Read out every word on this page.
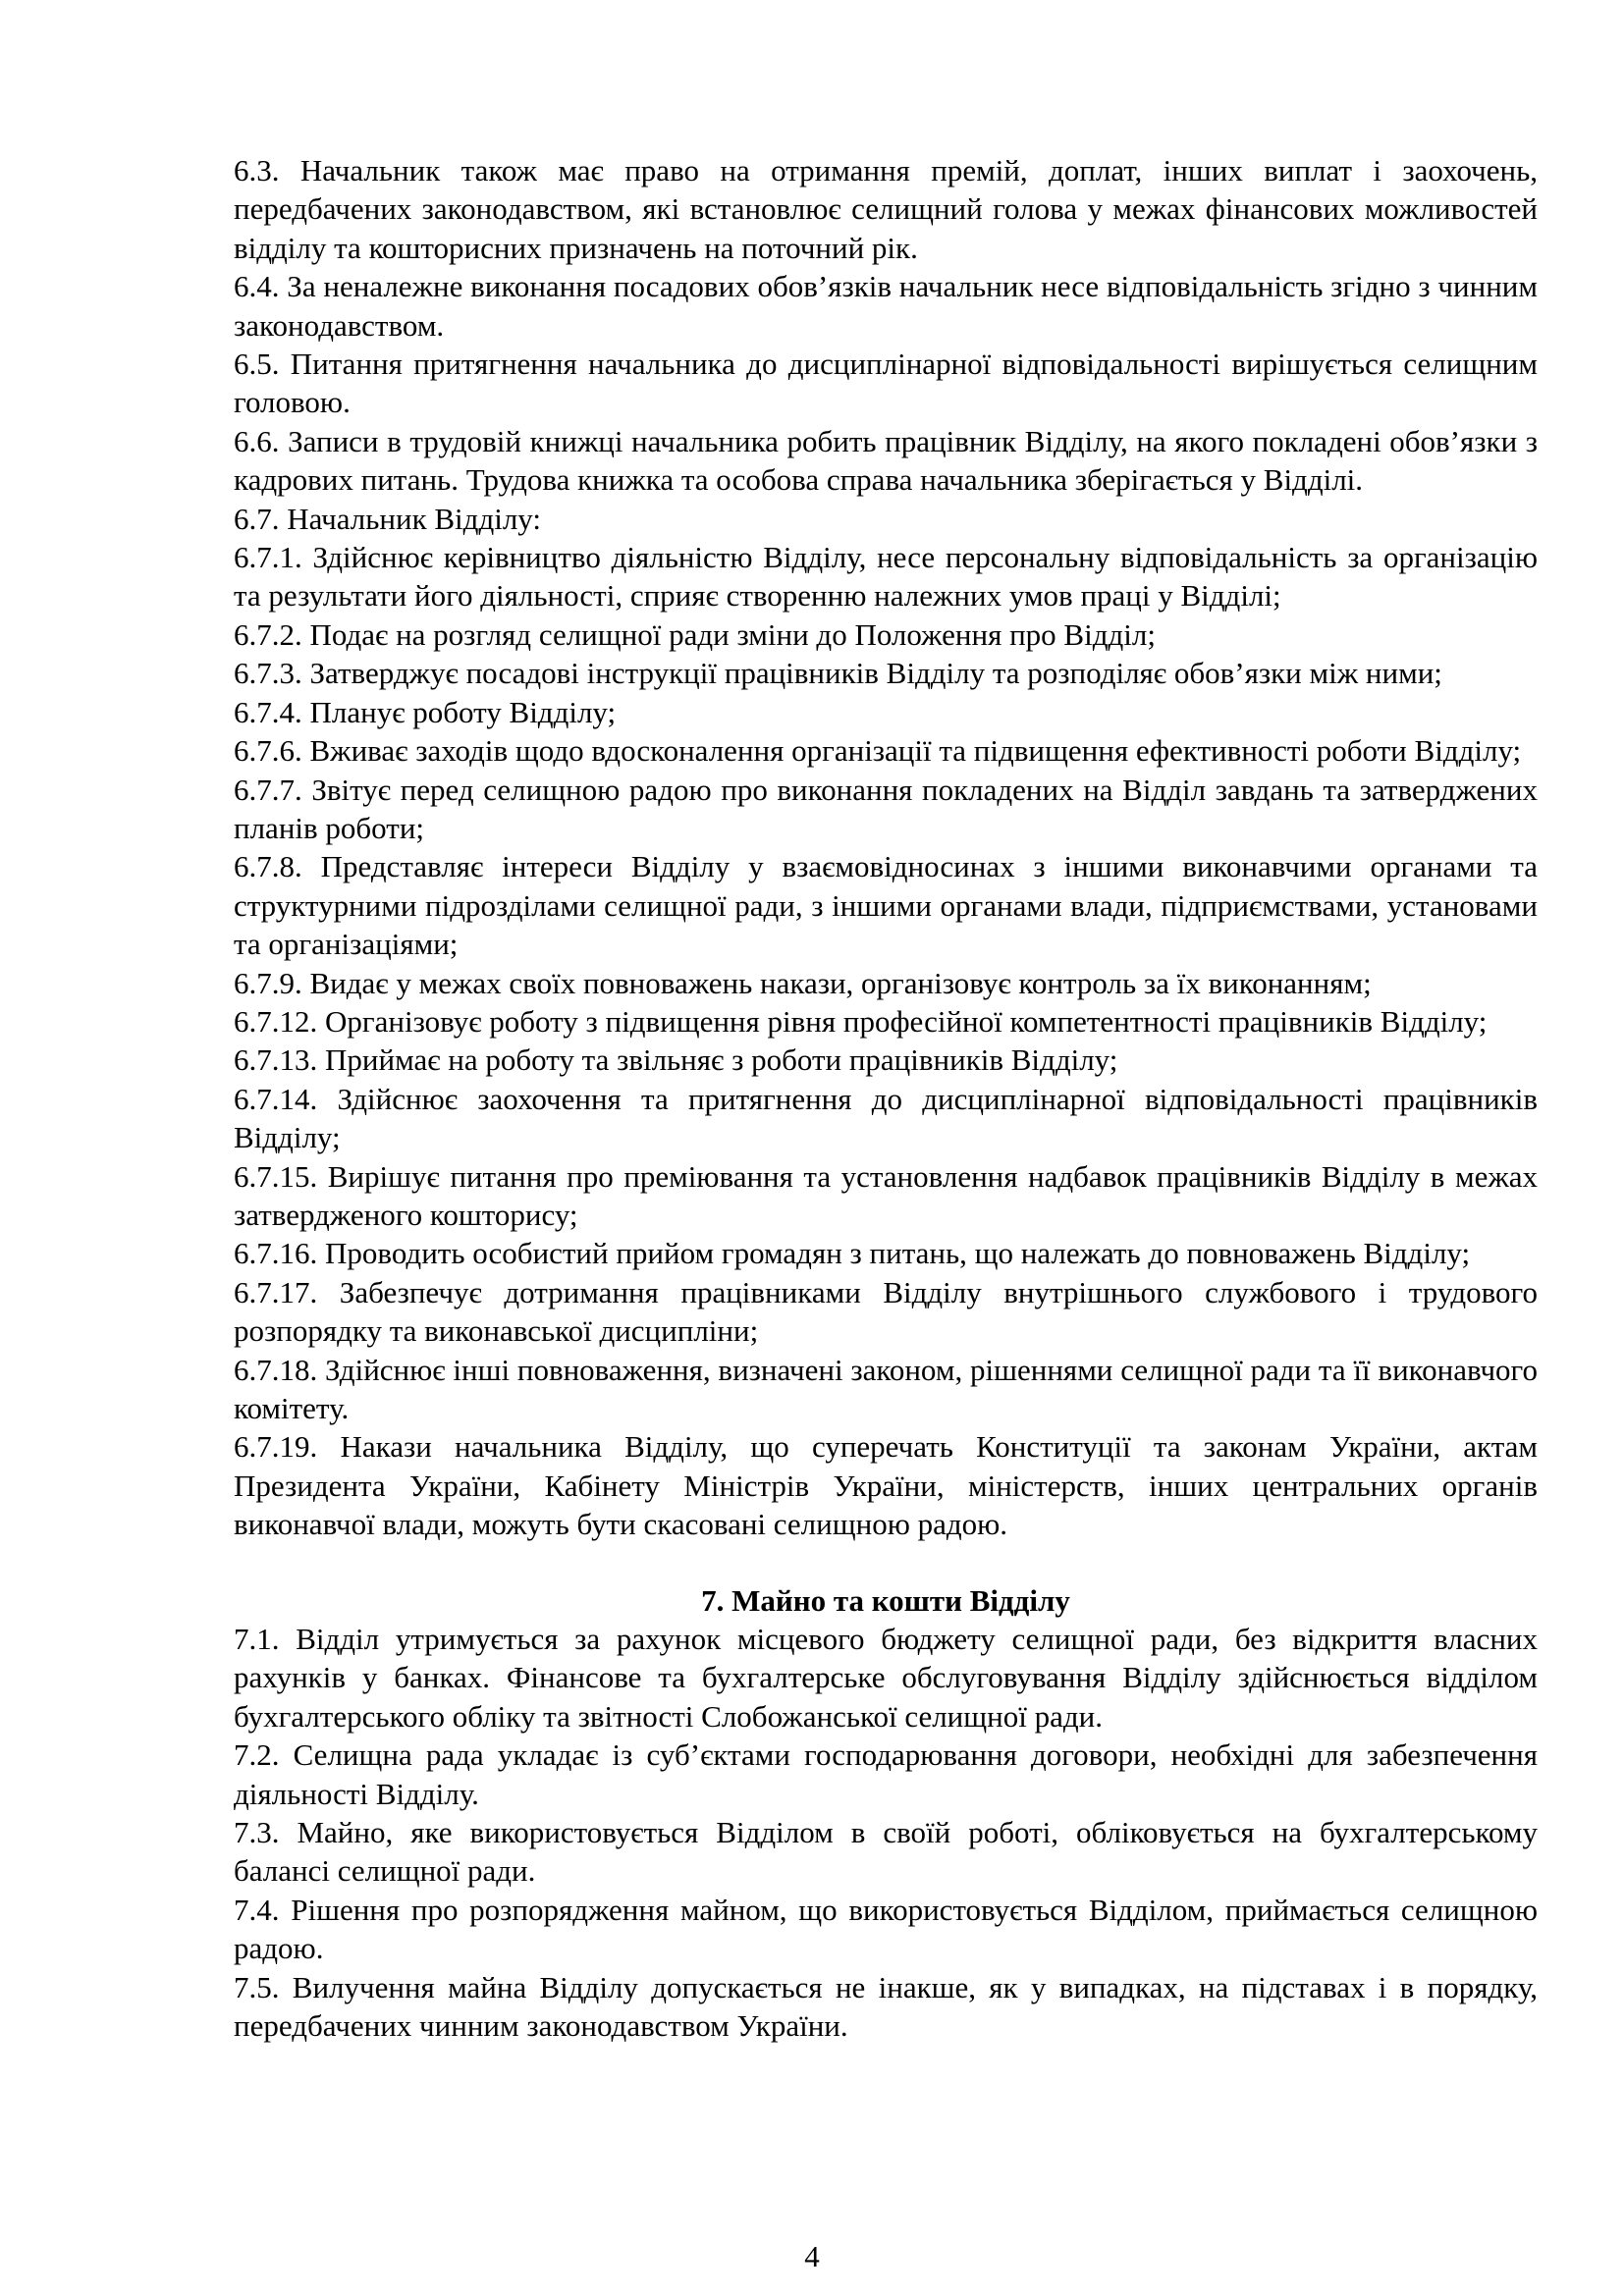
6.3. Начальник також має право на отримання премій, доплат, інших виплат і заохочень, передбачених законодавством, які встановлює селищний голова у межах фінансових можливостей відділу та кошторисних призначень на поточний рік.

6.4. За неналежне виконання посадових обов’язків начальник несе відповідальність згідно з чинним законодавством.

6.5. Питання притягнення начальника до дисциплінарної відповідальності вирішується селищним головою.

6.6. Записи в трудовій книжці начальника робить працівник Відділу, на якого покладені обов’язки з кадрових питань. Трудова книжка та особова справа начальника зберігається у Відділі.

6.7. Начальник Відділу:

6.7.1. Здійснює керівництво діяльністю Відділу, несе персональну відповідальність за організацію та результати його діяльності, сприяє створенню належних умов праці у Відділі;

6.7.2. Подає на розгляд селищної ради зміни до Положення про Відділ;

6.7.3. Затверджує посадові інструкції працівників Відділу та розподіляє обов’язки між ними;

6.7.4. Планує роботу Відділу;

6.7.6. Вживає заходів щодо вдосконалення організації та підвищення ефективності роботи Відділу;

6.7.7. Звітує перед селищною радою про виконання покладених на Відділ завдань та затверджених планів роботи;

6.7.8. Представляє інтереси Відділу у взаємовідносинах з іншими виконавчими органами та структурними підрозділами селищної ради, з іншими органами влади, підприємствами, установами та організаціями;

6.7.9. Видає у межах своїх повноважень накази, організовує контроль за їх виконанням;

6.7.12. Організовує роботу з підвищення рівня професійної компетентності працівників Відділу;

6.7.13. Приймає на роботу та звільняє з роботи працівників Відділу;

6.7.14. Здійснює заохочення та притягнення до дисциплінарної відповідальності працівників Відділу;

6.7.15. Вирішує питання про преміювання та установлення надбавок працівників Відділу в межах затвердженого кошторису;

6.7.16. Проводить особистий прийом громадян з питань, що належать до повноважень Відділу;

6.7.17. Забезпечує дотримання працівниками Відділу внутрішнього службового і трудового розпорядку та виконавської дисципліни;

6.7.18. Здійснює інші повноваження, визначені законом, рішеннями селищної ради та її виконавчого комітету.

6.7.19. Накази начальника Відділу, що суперечать Конституції та законам України, актам Президента України, Кабінету Міністрів України, міністерств, інших центральних органів виконавчої влади, можуть бути скасовані селищною радою.

7. Майно та кошти Відділу

7.1. Відділ утримується за рахунок місцевого бюджету селищної ради, без відкриття власних рахунків у банках. Фінансове та бухгалтерське обслуговування Відділу здійснюється відділом бухгалтерського обліку та звітності Слобожанської селищної ради.

7.2. Селищна рада укладає із суб’єктами господарювання договори, необхідні для забезпечення діяльності Відділу.

7.3. Майно, яке використовується Відділом в своїй роботі, обліковується на бухгалтерському балансі селищної ради.

7.4. Рішення про розпорядження майном, що використовується Відділом, приймається селищною радою.

7.5. Вилучення майна Відділу допускається не інакше, як у випадках, на підставах і в порядку, передбачених чинним законодавством України.

4
